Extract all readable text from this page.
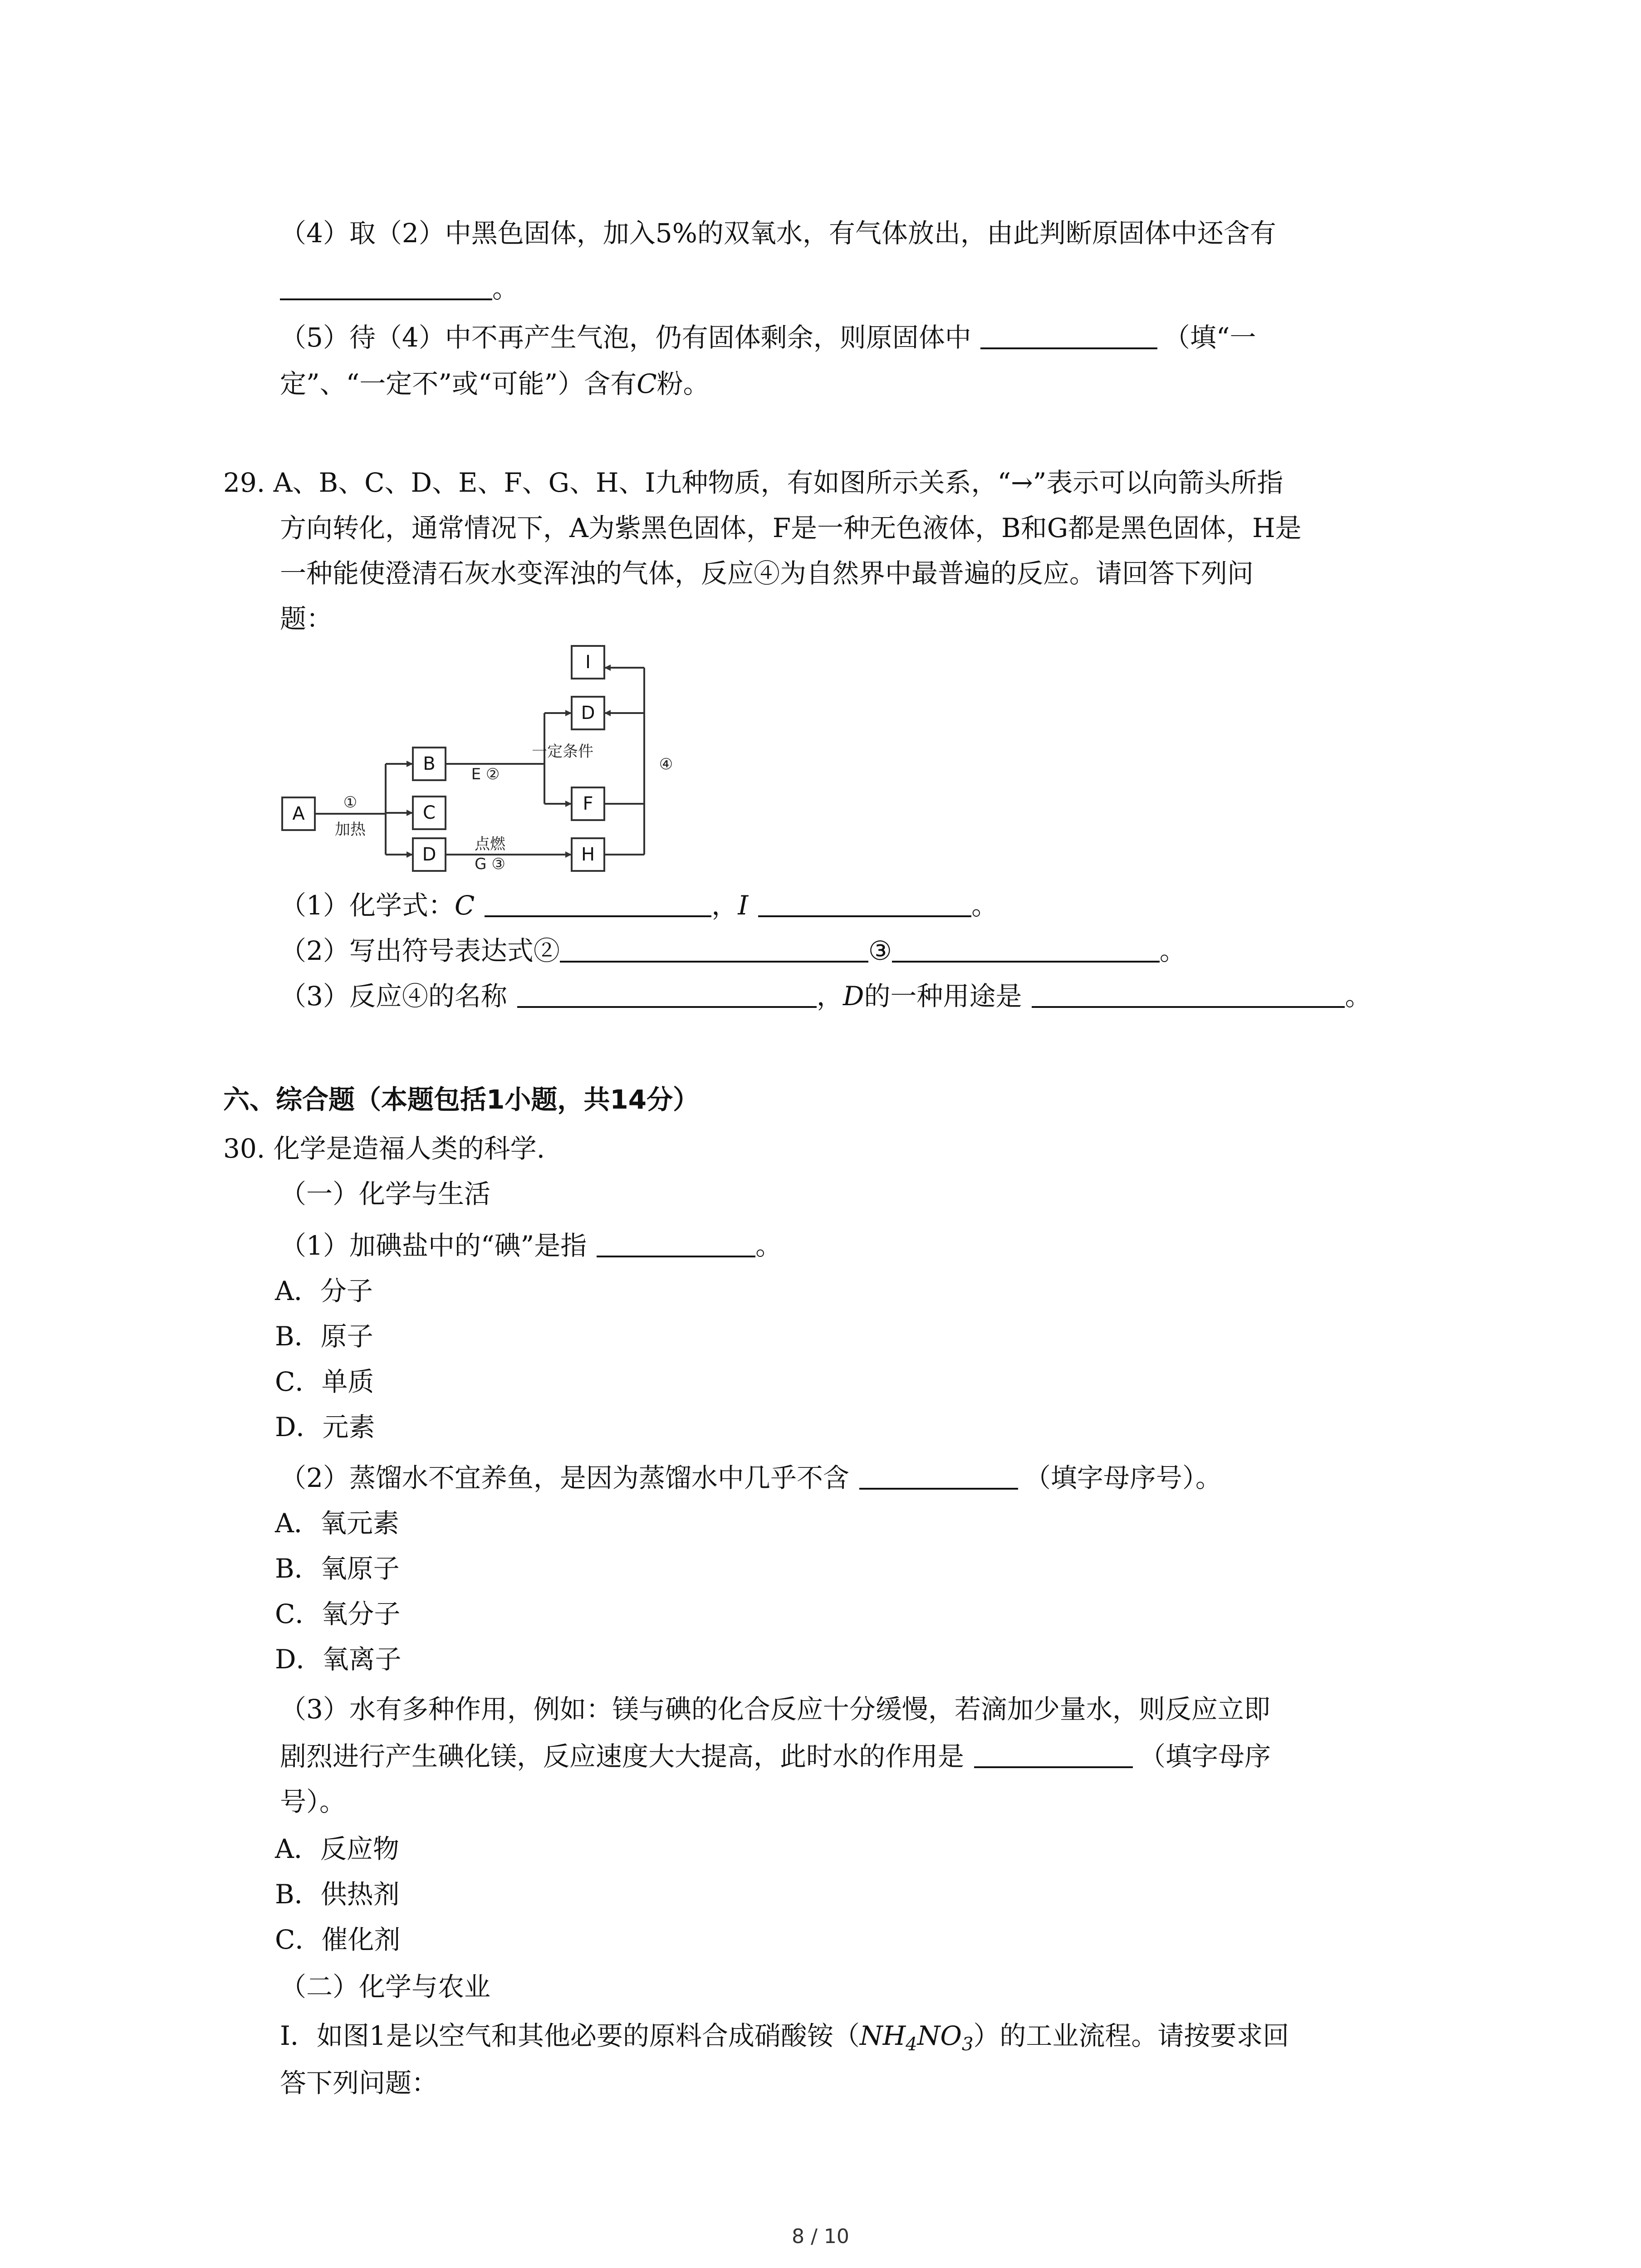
（4）取（2）中黑色固体，加入5%的双氧水，有气体放出，由此判断原固体中还含有
。
（5）待（4）中不再产生气泡，仍有固体剩余，则原固体中	（填“一
定”、“一定不”或“可能”）含有C粉。
29. A、B、C、D、E、F、G、H、I九种物质，有如图所示关系，“→”表示可以向箭头所指
方向转化，通常情况下，A为紫黑色固体，F是一种无色液体，B和G都是黑色固体，H是
一种能使澄清石灰水变浑浊的气体，反应④为自然界中最普遍的反应。请回答下列问
题：
A
B
C
D
I
D
F
H
①
加热
E ②
一定条件
④
点燃
G ③
（1）化学式：C	，I	。
（2）写出符号表达式②	③	。
（3）反应④的名称	，D的一种用途是	。
六、综合题（本题包括1小题，共14分）
30. 化学是造福人类的科学.
（一）化学与生活
（1）加碘盐中的“碘”是指	。
A．分子
B．原子
C．单质
D．元素
（2）蒸馏水不宜养鱼，是因为蒸馏水中几乎不含	（填字母序号）。
A．氧元素
B．氧原子
C．氧分子
D．氧离子
（3）水有多种作用，例如：镁与碘的化合反应十分缓慢，若滴加少量水，则反应立即
剧烈进行产生碘化镁，反应速度大大提高，此时水的作用是	（填字母序
号）。
A．反应物
B．供热剂
C．催化剂
（二）化学与农业
Ⅰ．如图1是以空气和其他必要的原料合成硝酸铵$(NH_4NO_3)$的工业流程。请按要求回
答下列问题：
8 / 10
